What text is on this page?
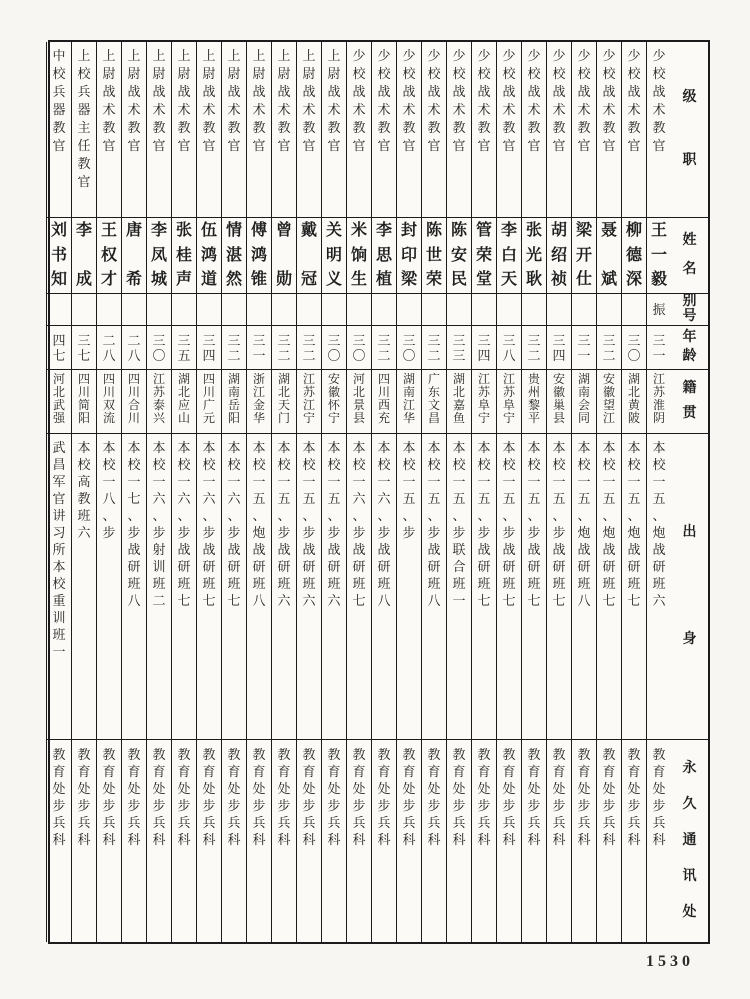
级
职
姓
名
别
号
年
龄
籍
贯
出
身
永
久
通
讯
处
少
校
战
术
教
官
王
一
毅
振
三
一
江
苏
淮
阴
本
校
一
五
、
炮
战
研
班
六
教
育
处
步
兵
科
少
校
战
术
教
官
柳
德
深
三
〇
湖
北
黄
陂
本
校
一
五
、
炮
战
研
班
七
教
育
处
步
兵
科
少
校
战
术
教
官
聂
斌
三
二
安
徽
望
江
本
校
一
五
、
炮
战
研
班
七
教
育
处
步
兵
科
少
校
战
术
教
官
梁
开
仕
三
一
湖
南
会
同
本
校
一
五
、
炮
战
研
班
八
教
育
处
步
兵
科
少
校
战
术
教
官
胡
绍
祯
三
四
安
徽
巢
县
本
校
一
五
、
步
战
研
班
七
教
育
处
步
兵
科
少
校
战
术
教
官
张
光
耿
三
二
贵
州
黎
平
本
校
一
五
、
步
战
研
班
七
教
育
处
步
兵
科
少
校
战
术
教
官
李
白
天
三
八
江
苏
阜
宁
本
校
一
五
、
步
战
研
班
七
教
育
处
步
兵
科
少
校
战
术
教
官
管
荣
堂
三
四
江
苏
阜
宁
本
校
一
五
、
步
战
研
班
七
教
育
处
步
兵
科
少
校
战
术
教
官
陈
安
民
三
三
湖
北
嘉
鱼
本
校
一
五
、
步
联
合
班
一
教
育
处
步
兵
科
少
校
战
术
教
官
陈
世
荣
三
二
广
东
文
昌
本
校
一
五
、
步
战
研
班
八
教
育
处
步
兵
科
少
校
战
术
教
官
封
印
梁
三
〇
湖
南
江
华
本
校
一
五
、
步
教
育
处
步
兵
科
少
校
战
术
教
官
李
思
植
三
二
四
川
西
充
本
校
一
六
、
步
战
研
班
八
教
育
处
步
兵
科
少
校
战
术
教
官
米
饷
生
三
〇
河
北
景
县
本
校
一
六
、
步
战
研
班
七
教
育
处
步
兵
科
上
尉
战
术
教
官
关
明
义
三
〇
安
徽
怀
宁
本
校
一
五
、
步
战
研
班
六
教
育
处
步
兵
科
上
尉
战
术
教
官
戴
冠
三
二
江
苏
江
宁
本
校
一
五
、
步
战
研
班
六
教
育
处
步
兵
科
上
尉
战
术
教
官
曾
勋
三
二
湖
北
天
门
本
校
一
五
、
步
战
研
班
六
教
育
处
步
兵
科
上
尉
战
术
教
官
傅
鸿
锥
三
一
浙
江
金
华
本
校
一
五
、
炮
战
研
班
八
教
育
处
步
兵
科
上
尉
战
术
教
官
情
湛
然
三
二
湖
南
岳
阳
本
校
一
六
、
步
战
研
班
七
教
育
处
步
兵
科
上
尉
战
术
教
官
伍
鸿
道
三
四
四
川
广
元
本
校
一
六
、
步
战
研
班
七
教
育
处
步
兵
科
上
尉
战
术
教
官
张
桂
声
三
五
湖
北
应
山
本
校
一
六
、
步
战
研
班
七
教
育
处
步
兵
科
上
尉
战
术
教
官
李
凤
城
三
〇
江
苏
泰
兴
本
校
一
六
、
步
射
训
班
二
教
育
处
步
兵
科
上
尉
战
术
教
官
唐
希
二
八
四
川
合
川
本
校
一
七
、
步
战
研
班
八
教
育
处
步
兵
科
上
尉
战
术
教
官
王
权
才
二
八
四
川
双
流
本
校
一
八
、
步
教
育
处
步
兵
科
上
校
兵
器
主
任
教
官
李
成
三
七
四
川
简
阳
本
校
高
教
班
六
教
育
处
步
兵
科
中
校
兵
器
教
官
刘
书
知
四
七
河
北
武
强
武
昌
军
官
讲
习
所
本
校
重
训
班
一
教
育
处
步
兵
科
1530
